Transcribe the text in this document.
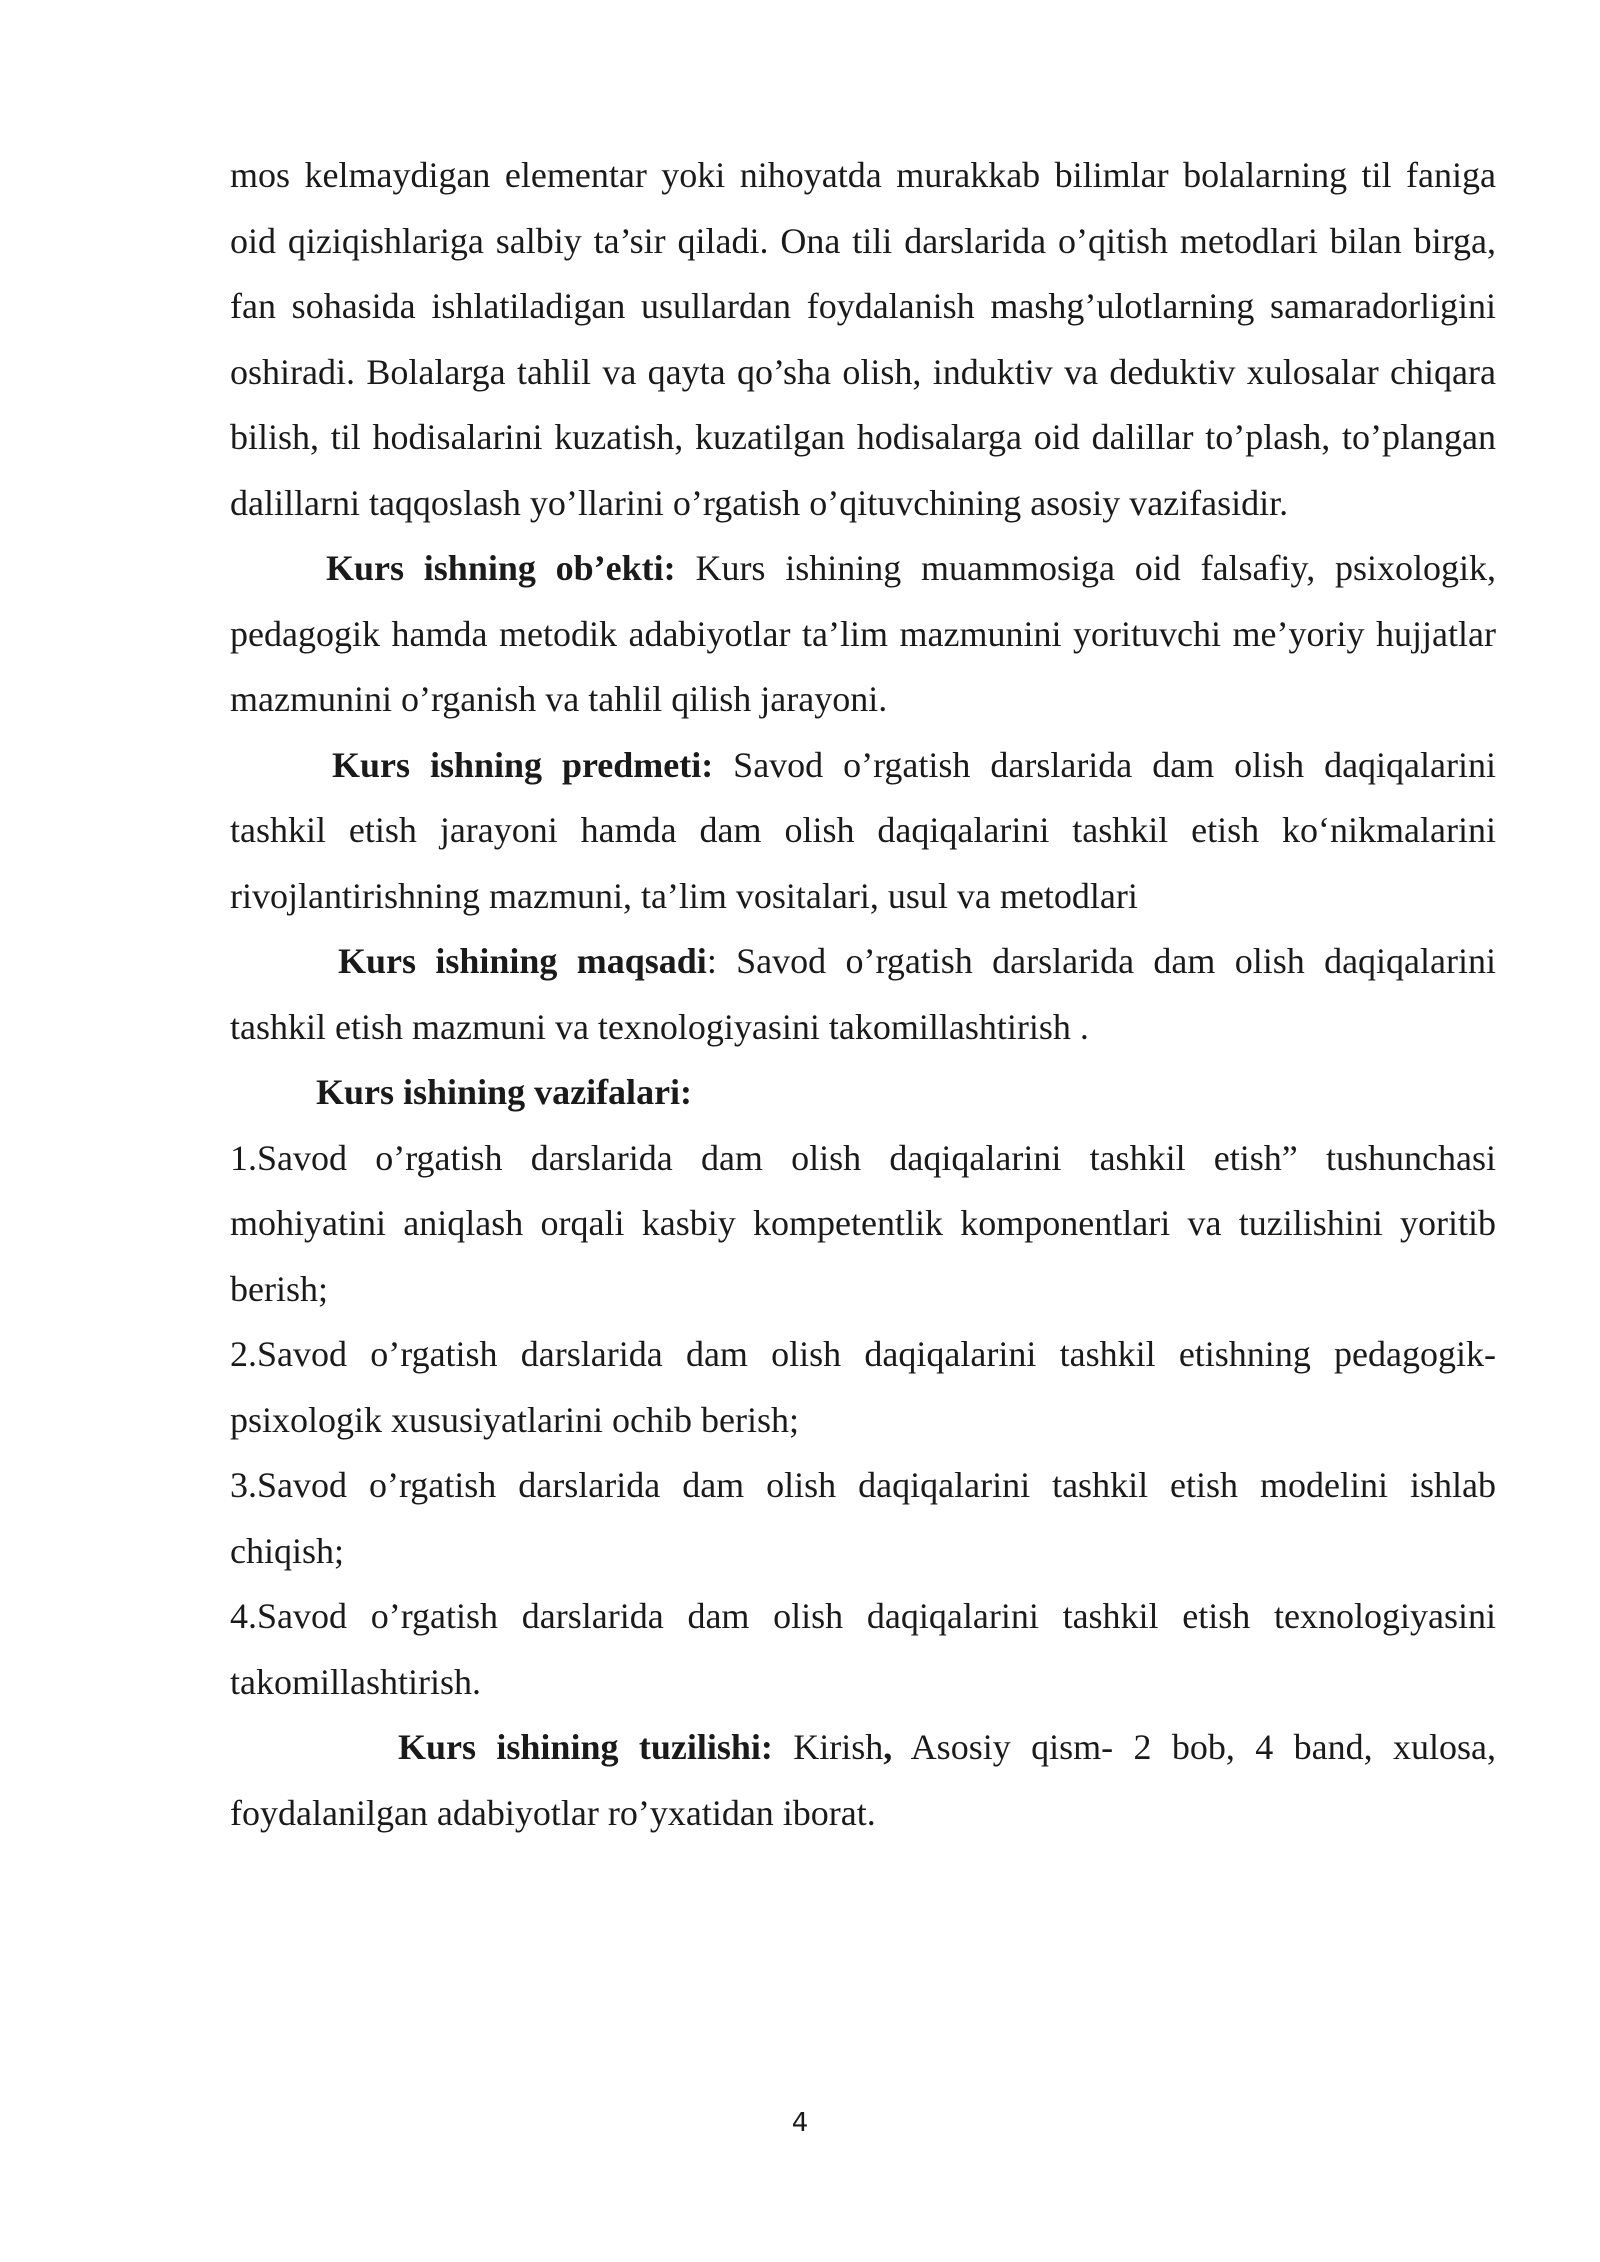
mos kelmaydigan elementar yoki nihoyatda murakkab bilimlar bolalarning til faniga oid qiziqishlariga salbiy ta’sir qiladi. Ona tili darslarida o’qitish metodlari bilan birga, fan sohasida ishlatiladigan usullardan foydalanish mashg’ulotlarning samaradorligini oshiradi. Bolalarga tahlil va qayta qo’sha olish, induktiv va deduktiv xulosalar chiqara bilish, til hodisalarini kuzatish, kuzatilgan hodisalarga oid dalillar to’plash, to’plangan dalillarni taqqoslash yo’llarini o’rgatish o’qituvchining asosiy vazifasidir.

Kurs ishning ob’ekti: Kurs ishining muammosiga oid falsafiy, psixologik, pedagogik hamda metodik adabiyotlar ta’lim mazmunini yorituvchi me’yoriy hujjatlar mazmunini o’rganish va tahlil qilish jarayoni.

Kurs ishning predmeti: Savod o’rgatish darslarida dam olish daqiqalarini tashkil etish jarayoni hamda dam olish daqiqalarini tashkil etish ko‘nikmalarini rivojlantirishning mazmuni, ta’lim vositalari, usul va metodlari

Kurs ishining maqsadi: Savod o’rgatish darslarida dam olish daqiqalarini tashkil etish mazmuni va texnologiyasini takomillashtirish .

Kurs ishining vazifalari:

1.Savod o’rgatish darslarida dam olish daqiqalarini tashkil etish” tushunchasi mohiyatini aniqlash orqali kasbiy kompetentlik komponentlari va tuzilishini yoritib berish;

2.Savod o’rgatish darslarida dam olish daqiqalarini tashkil etishning pedagogik-psixologik xususiyatlarini ochib berish;

3.Savod o’rgatish darslarida dam olish daqiqalarini tashkil etish modelini ishlab chiqish;

4.Savod o’rgatish darslarida dam olish daqiqalarini tashkil etish texnologiyasini takomillashtirish.

Kurs ishining tuzilishi: Kirish, Asosiy qism- 2 bob, 4 band, xulosa, foydalanilgan adabiyotlar ro’yxatidan iborat.

4
